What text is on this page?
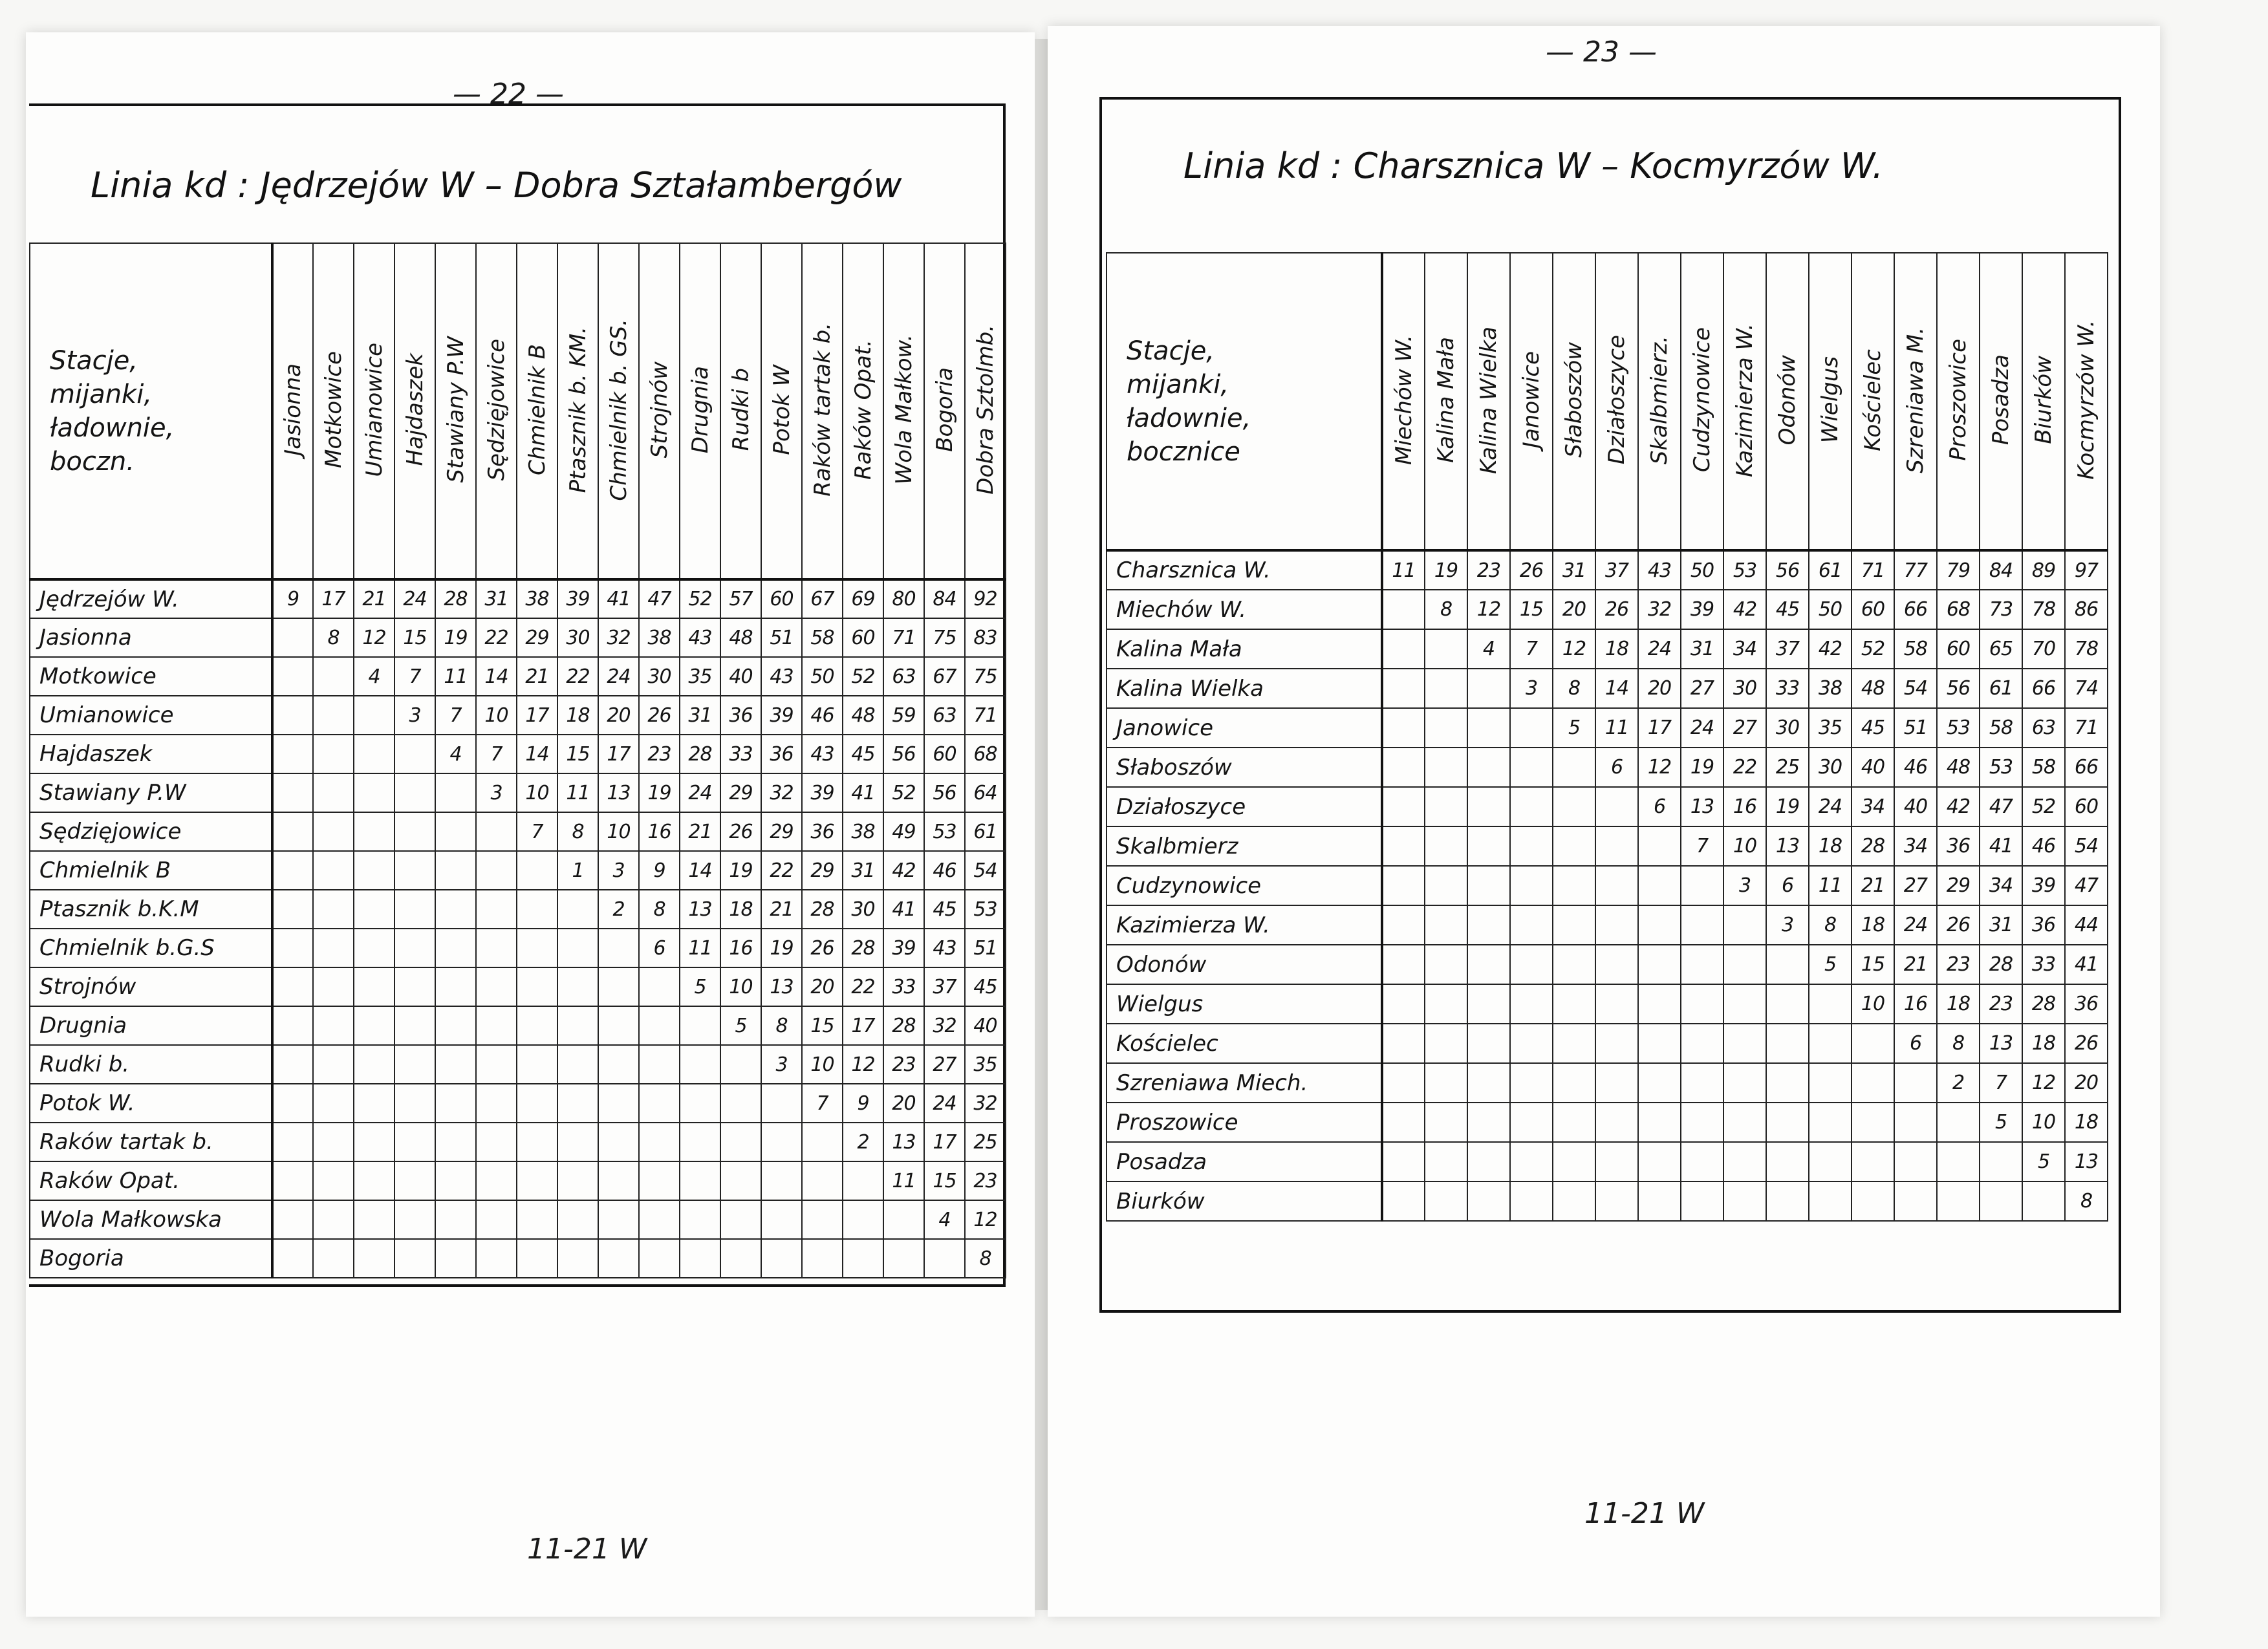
— 22 —
Linia kd : Jędrzejów W – Dobra Ształambergów
Stacje,
mijanki,
ładownie,
boczn.	Jasionna	Motkowice	Umianowice	Hajdaszek	Stawiany P.W	Sędzięjowice	Chmielnik B	Ptasznik b. KM.	Chmielnik b. GS.	Strojnów	Drugnia	Rudki b	Potok W	Raków tartak b.	Raków Opat.	Wola Małkow.	Bogoria	Dobra Sztolmb.
Jędrzejów W.	9	17	21	24	28	31	38	39	41	47	52	57	60	67	69	80	84	92
Jasionna		8	12	15	19	22	29	30	32	38	43	48	51	58	60	71	75	83
Motkowice			4	7	11	14	21	22	24	30	35	40	43	50	52	63	67	75
Umianowice				3	7	10	17	18	20	26	31	36	39	46	48	59	63	71
Hajdaszek					4	7	14	15	17	23	28	33	36	43	45	56	60	68
Stawiany P.W						3	10	11	13	19	24	29	32	39	41	52	56	64
Sędzięjowice							7	8	10	16	21	26	29	36	38	49	53	61
Chmielnik B								1	3	9	14	19	22	29	31	42	46	54
Ptasznik b.K.M									2	8	13	18	21	28	30	41	45	53
Chmielnik b.G.S										6	11	16	19	26	28	39	43	51
Strojnów											5	10	13	20	22	33	37	45
Drugnia												5	8	15	17	28	32	40
Rudki b.													3	10	12	23	27	35
Potok W.														7	9	20	24	32
Raków tartak b.															2	13	17	25
Raków Opat.																11	15	23
Wola Małkowska																	4	12
Bogoria																		8
11-21 W
— 23 —
Linia kd : Charsznica W – Kocmyrzów W.
Stacje,
mijanki,
ładownie,
bocznice	Miechów W.	Kalina Mała	Kalina Wielka	Janowice	Słaboszów	Działoszyce	Skalbmierz.	Cudzynowice	Kazimierza W.	Odonów	Wielgus	Kościelec	Szreniawa M.	Proszowice	Posadza	Biurków	Kocmyrzów W.
Charsznica W.	11	19	23	26	31	37	43	50	53	56	61	71	77	79	84	89	97
Miechów W.		8	12	15	20	26	32	39	42	45	50	60	66	68	73	78	86
Kalina Mała			4	7	12	18	24	31	34	37	42	52	58	60	65	70	78
Kalina Wielka				3	8	14	20	27	30	33	38	48	54	56	61	66	74
Janowice					5	11	17	24	27	30	35	45	51	53	58	63	71
Słaboszów						6	12	19	22	25	30	40	46	48	53	58	66
Działoszyce							6	13	16	19	24	34	40	42	47	52	60
Skalbmierz								7	10	13	18	28	34	36	41	46	54
Cudzynowice									3	6	11	21	27	29	34	39	47
Kazimierza W.										3	8	18	24	26	31	36	44
Odonów											5	15	21	23	28	33	41
Wielgus												10	16	18	23	28	36
Kościelec													6	8	13	18	26
Szreniawa Miech.														2	7	12	20
Proszowice															5	10	18
Posadza																5	13
Biurków																	8
11-21 W
